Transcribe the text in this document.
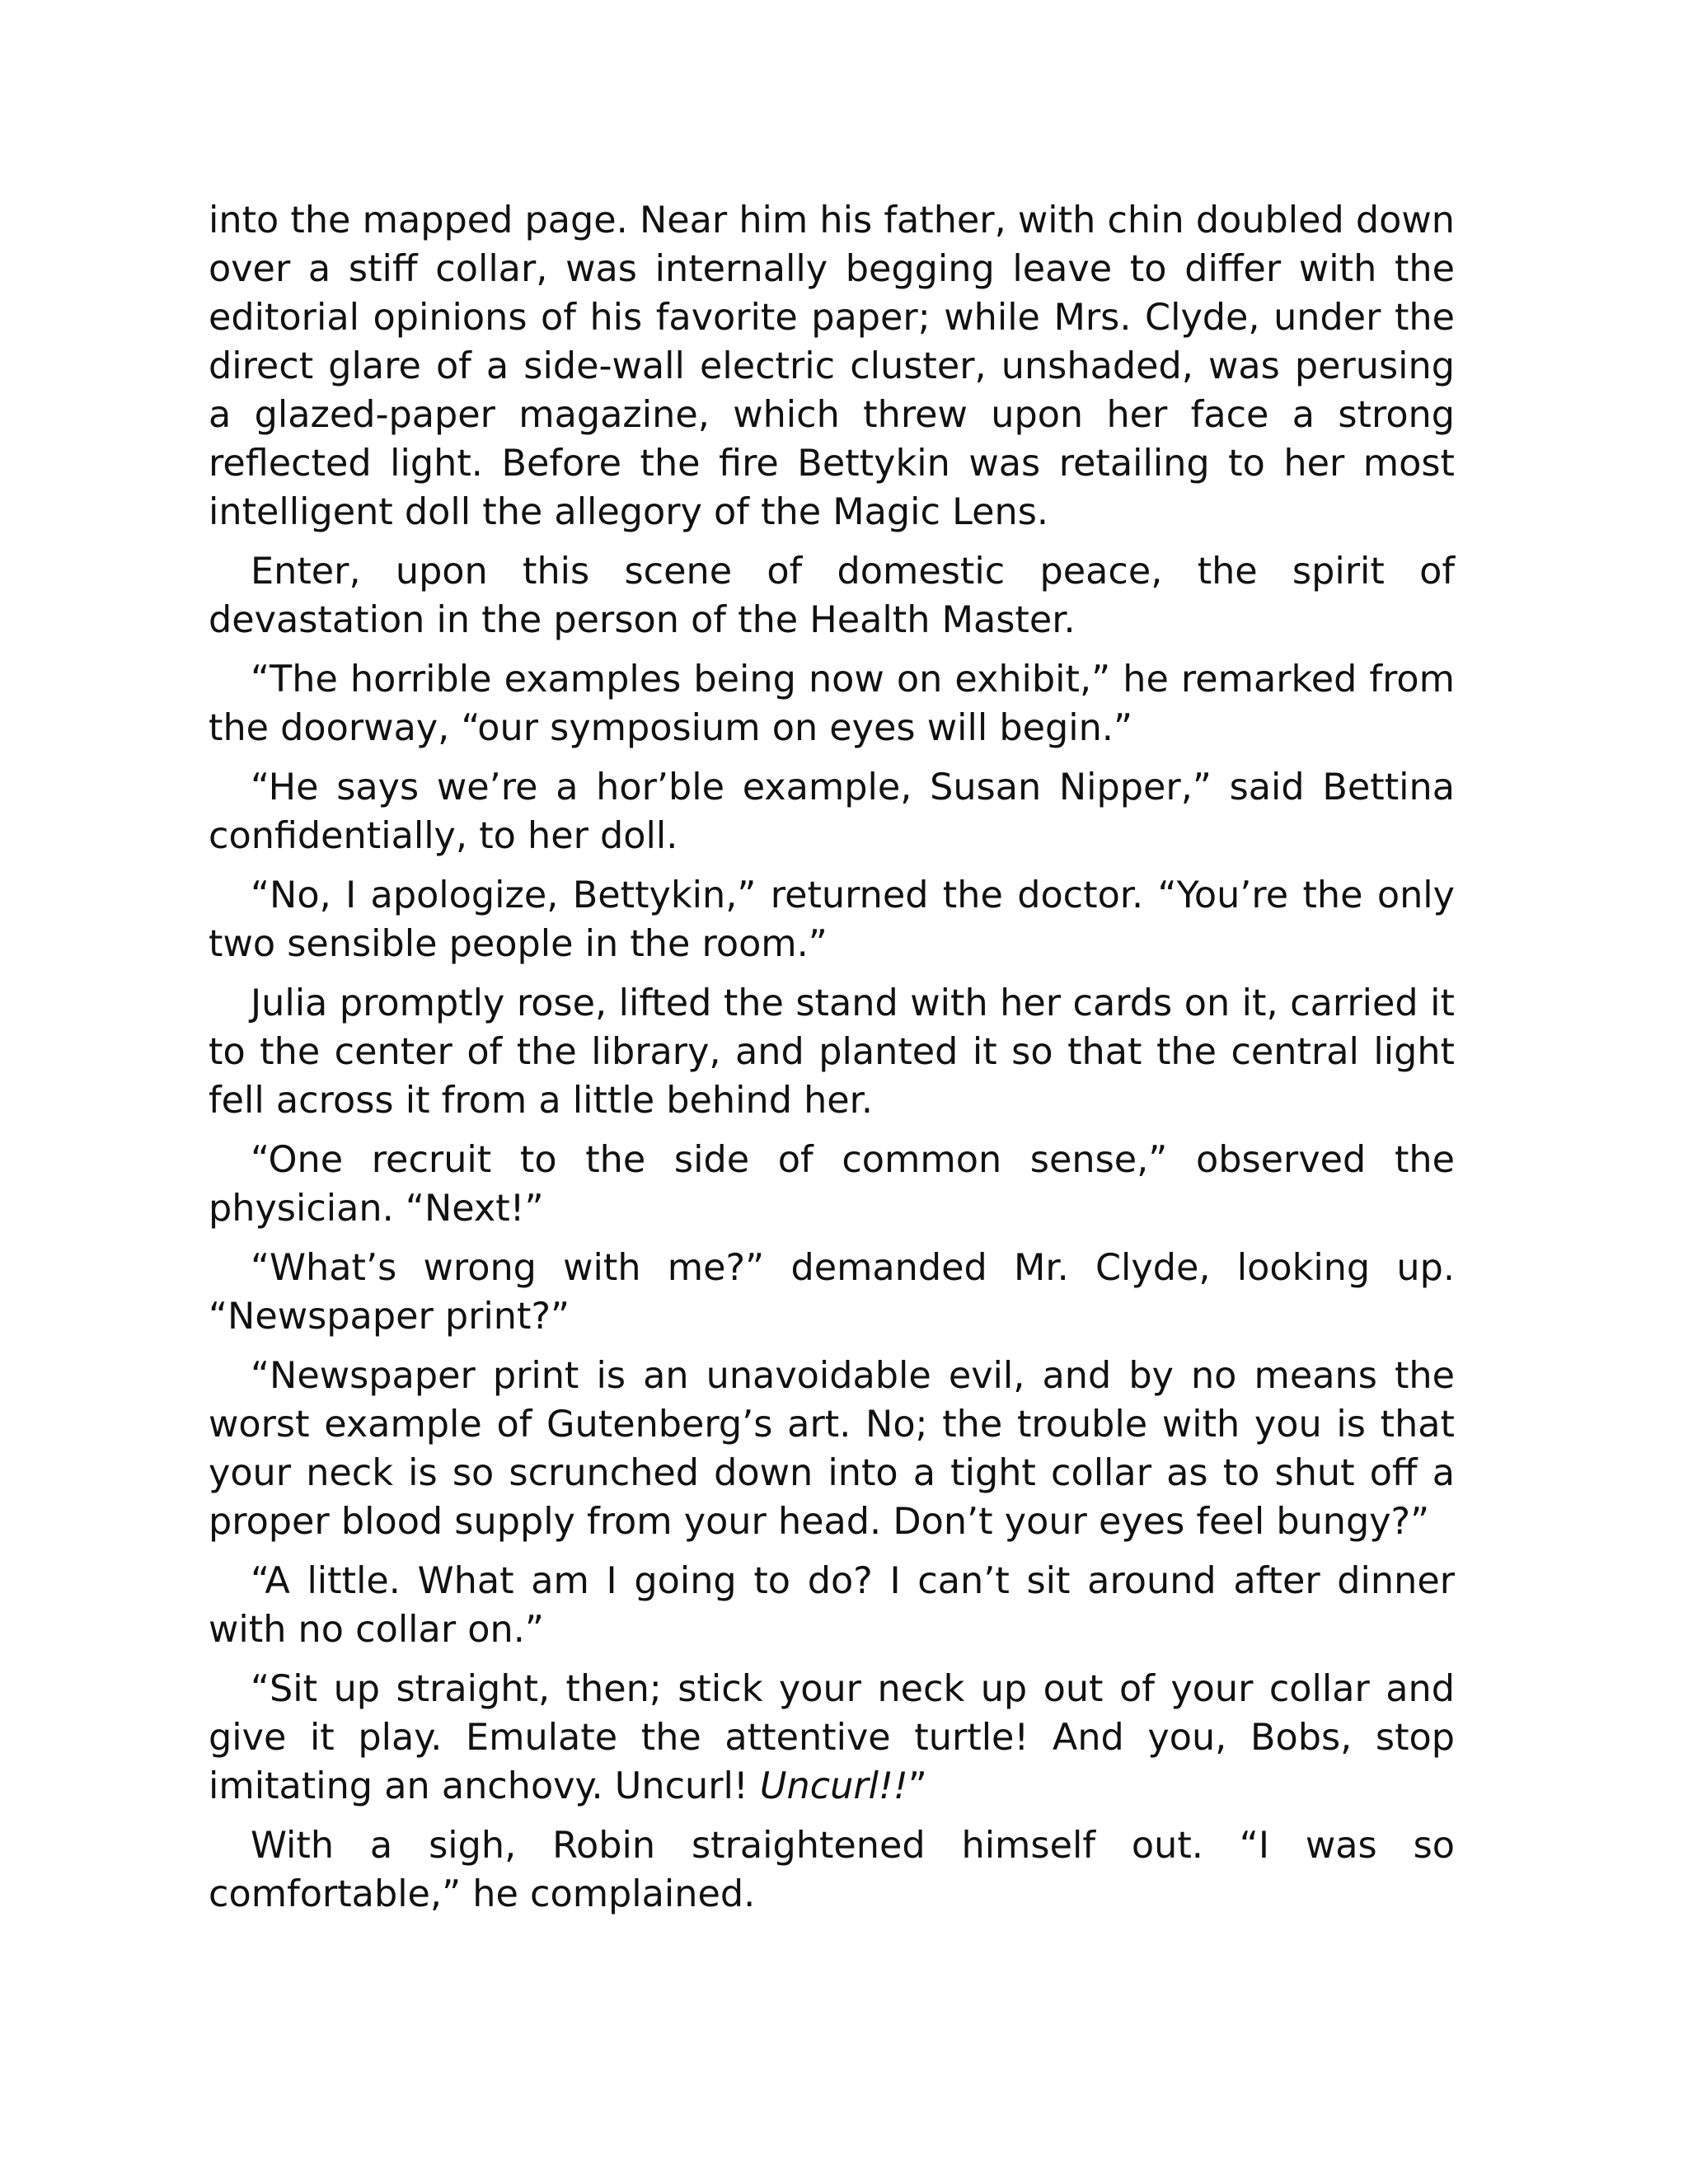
into the mapped page. Near him his father, with chin doubled down over a stiff collar, was internally begging leave to differ with the editorial opinions of his favorite paper; while Mrs. Clyde, under the direct glare of a side-wall electric cluster, unshaded, was perusing a glazed-paper magazine, which threw upon her face a strong reflected light. Before the fire Bettykin was retailing to her most intelligent doll the allegory of the Magic Lens.

Enter, upon this scene of domestic peace, the spirit of devastation in the person of the Health Master.

“The horrible examples being now on exhibit,” he remarked from the doorway, “our symposium on eyes will begin.”

“He says we’re a hor’ble example, Susan Nipper,” said Bettina confidentially, to her doll.

“No, I apologize, Bettykin,” returned the doctor. “You’re the only two sensible people in the room.”

Julia promptly rose, lifted the stand with her cards on it, carried it to the center of the library, and planted it so that the central light fell across it from a little behind her.

“One recruit to the side of common sense,” observed the physician. “Next!”

“What’s wrong with me?” demanded Mr. Clyde, looking up. “Newspaper print?”

“Newspaper print is an unavoidable evil, and by no means the worst example of Gutenberg’s art. No; the trouble with you is that your neck is so scrunched down into a tight collar as to shut off a proper blood supply from your head. Don’t your eyes feel bungy?”

“A little. What am I going to do? I can’t sit around after dinner with no collar on.”

“Sit up straight, then; stick your neck up out of your collar and give it play. Emulate the attentive turtle! And you, Bobs, stop imitating an anchovy. Uncurl! Uncurl!!”

With a sigh, Robin straightened himself out. “I was so comfortable,” he complained.
